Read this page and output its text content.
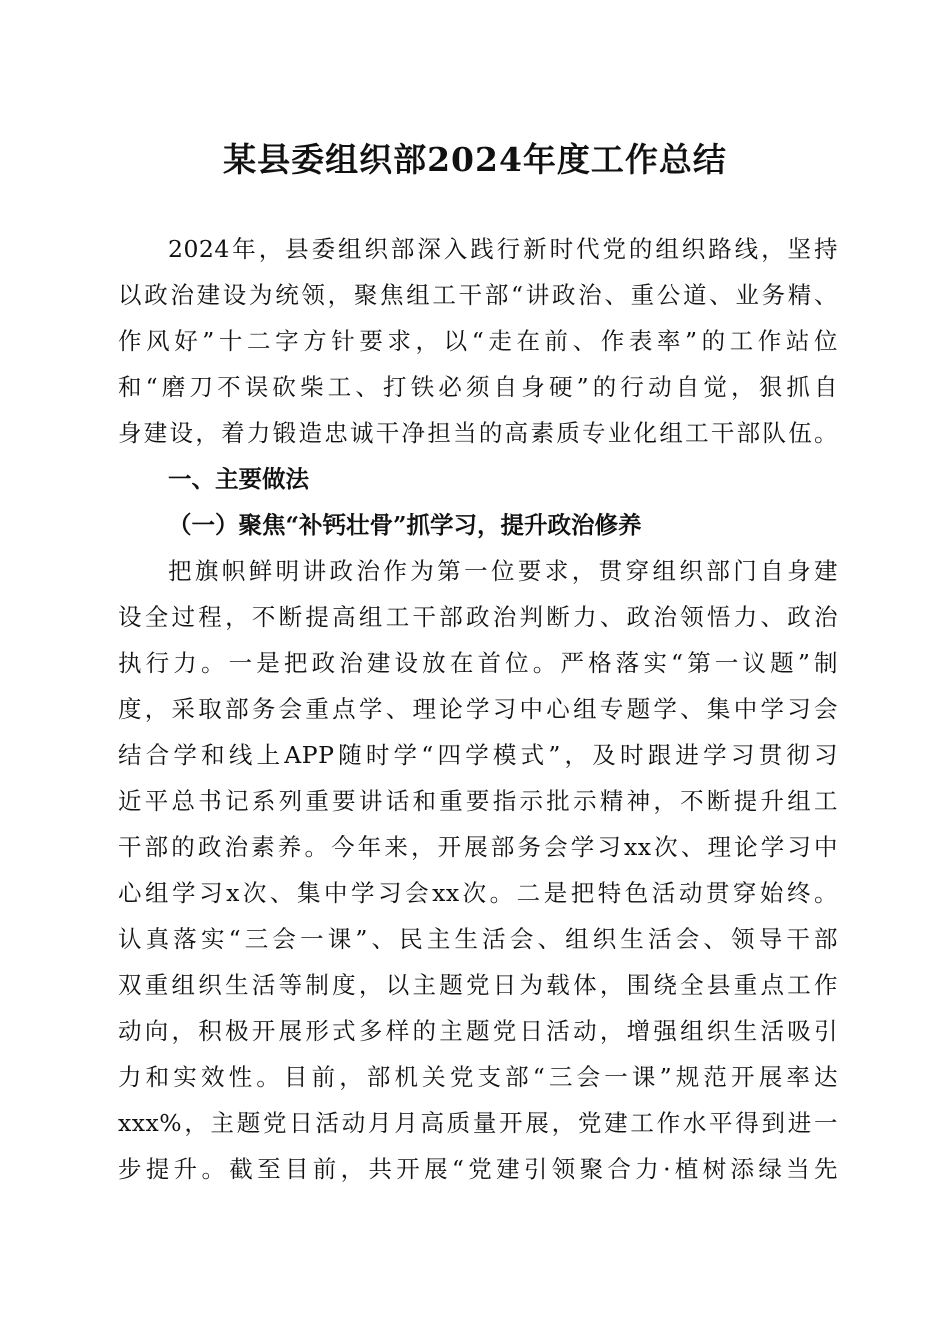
某县委组织部2024年度工作总结
2024年，县委组织部深入践行新时代党的组织路线，坚持
以政治建设为统领，聚焦组工干部“讲政治、重公道、业务精、
作风好”十二字方针要求，以“走在前、作表率”的工作站位
和“磨刀不误砍柴工、打铁必须自身硬”的行动自觉，狠抓自
身建设，着力锻造忠诚干净担当的高素质专业化组工干部队伍。
一、主要做法
（一）聚焦“补钙壮骨”抓学习，提升政治修养
把旗帜鲜明讲政治作为第一位要求，贯穿组织部门自身建
设全过程，不断提高组工干部政治判断力、政治领悟力、政治
执行力。一是把政治建设放在首位。严格落实“第一议题”制
度，采取部务会重点学、理论学习中心组专题学、集中学习会
结合学和线上APP随时学“四学模式”，及时跟进学习贯彻习
近平总书记系列重要讲话和重要指示批示精神，不断提升组工
干部的政治素养。今年来，开展部务会学习xx次、理论学习中
心组学习x次、集中学习会xx次。二是把特色活动贯穿始终。
认真落实“三会一课”、民主生活会、组织生活会、领导干部
双重组织生活等制度，以主题党日为载体，围绕全县重点工作
动向，积极开展形式多样的主题党日活动，增强组织生活吸引
力和实效性。目前，部机关党支部“三会一课”规范开展率达
xxx%，主题党日活动月月高质量开展，党建工作水平得到进一
步提升。截至目前，共开展“党建引领聚合力·植树添绿当先
